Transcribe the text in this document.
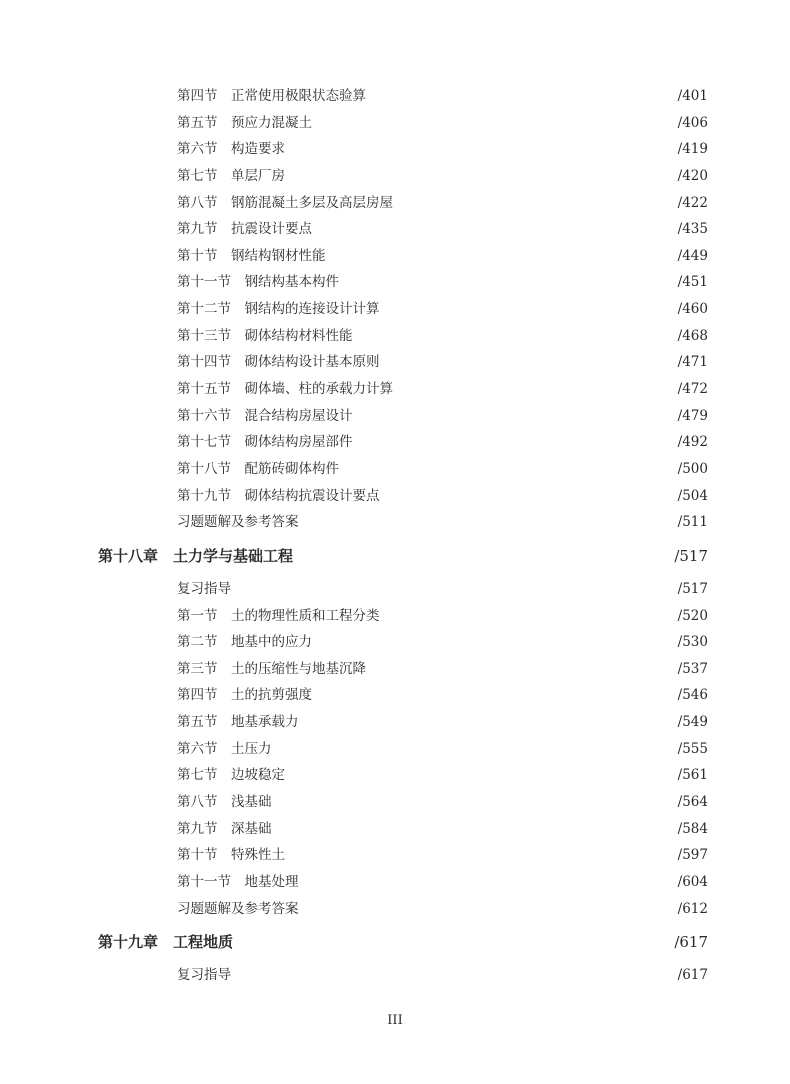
第四节　正常使用极限状态验算	/401
第五节　预应力混凝土	/406
第六节　构造要求	/419
第七节　单层厂房	/420
第八节　钢筋混凝土多层及高层房屋	/422
第九节　抗震设计要点	/435
第十节　钢结构钢材性能	/449
第十一节　钢结构基本构件	/451
第十二节　钢结构的连接设计计算	/460
第十三节　砌体结构材料性能	/468
第十四节　砌体结构设计基本原则	/471
第十五节　砌体墙、柱的承载力计算	/472
第十六节　混合结构房屋设计	/479
第十七节　砌体结构房屋部件	/492
第十八节　配筋砖砌体构件	/500
第十九节　砌体结构抗震设计要点	/504
习题题解及参考答案	/511
第十八章　土力学与基础工程	/517
复习指导	/517
第一节　土的物理性质和工程分类	/520
第二节　地基中的应力	/530
第三节　土的压缩性与地基沉降	/537
第四节　土的抗剪强度	/546
第五节　地基承载力	/549
第六节　土压力	/555
第七节　边坡稳定	/561
第八节　浅基础	/564
第九节　深基础	/584
第十节　特殊性土	/597
第十一节　地基处理	/604
习题题解及参考答案	/612
第十九章　工程地质	/617
复习指导	/617
III
